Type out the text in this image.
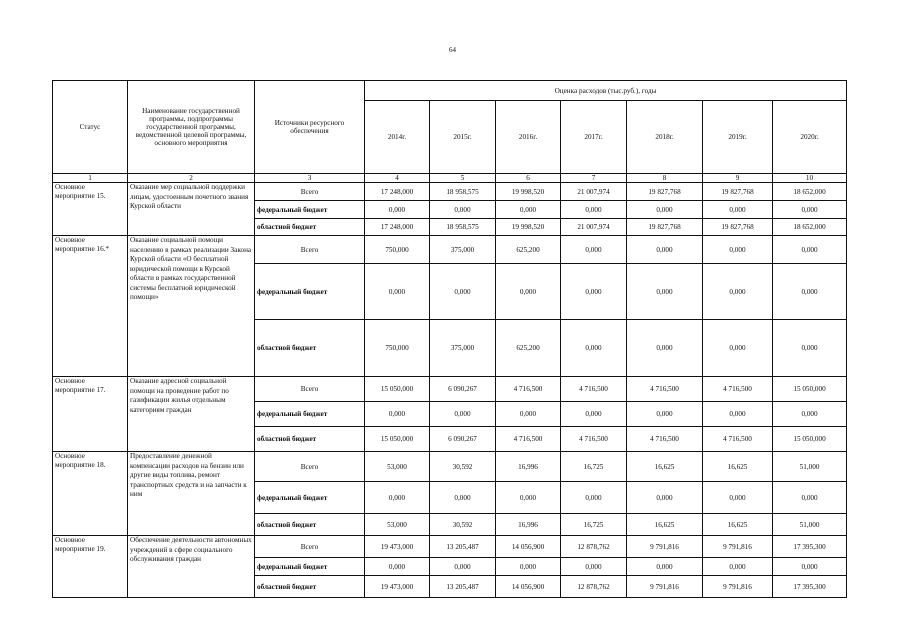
64
Статус	Наименование государственной программы, подпрограммы государственной программы, ведомственной целевой программы, основного мероприятия	Источники ресурсного обеспечения	Оценка расходов (тыс.руб.), годы						
			2014г.	2015г.	2016г.	2017г.	2018г.	2019г.	2020г.
1	2	3	4	5	6	7	8	9	10
Основное мероприятие 15.	Оказание мер социальной поддержки лицам, удостоенным почетного звания Курской области	Всего	17 248,000	18 958,575	19 998,520	21 007,974	19 827,768	19 827,768	18 652,000
		федеральный бюджет	0,000	0,000	0,000	0,000	0,000	0,000	0,000
		областной бюджет	17 248,000	18 958,575	19 998,520	21 007,974	19 827,768	19 827,768	18 652,000
Основное мероприятие 16.*	Оказание социальной помощи населению в рамках реализации Закона Курской области «О бесплатной юридической помощи в Курской области в рамках государственной системы бесплатной юридической помощи»	Всего	750,000	375,000	625,200	0,000	0,000	0,000	0,000
		федеральный бюджет	0,000	0,000	0,000	0,000	0,000	0,000	0,000
		областной бюджет	750,000	375,000	625,200	0,000	0,000	0,000	0,000
Основное мероприятие 17.	Оказание адресной социальной помощи на проведение работ по газификации жилья отдельным категориям граждан	Всего	15 050,000	6 090,267	4 716,500	4 716,500	4 716,500	4 716,500	15 050,000
		федеральный бюджет	0,000	0,000	0,000	0,000	0,000	0,000	0,000
		областной бюджет	15 050,000	6 090,267	4 716,500	4 716,500	4 716,500	4 716,500	15 050,000
Основное мероприятие 18.	Предоставление денежной компенсации расходов на бензин или другие виды топлива, ремонт транспортных средств и на запчасти к ним	Всего	53,000	30,592	16,996	16,725	16,625	16,625	51,000
		федеральный бюджет	0,000	0,000	0,000	0,000	0,000	0,000	0,000
		областной бюджет	53,000	30,592	16,996	16,725	16,625	16,625	51,000
Основное мероприятие 19.	Обеспечение деятельности автономных учреждений в сфере социального обслуживания граждан	Всего	19 473,000	13 205,487	14 056,900	12 878,762	9 791,816	9 791,816	17 395,300
		федеральный бюджет	0,000	0,000	0,000	0,000	0,000	0,000	0,000
		областной бюджет	19 473,000	13 205,487	14 056,900	12 878,762	9 791,816	9 791,816	17 395,300
